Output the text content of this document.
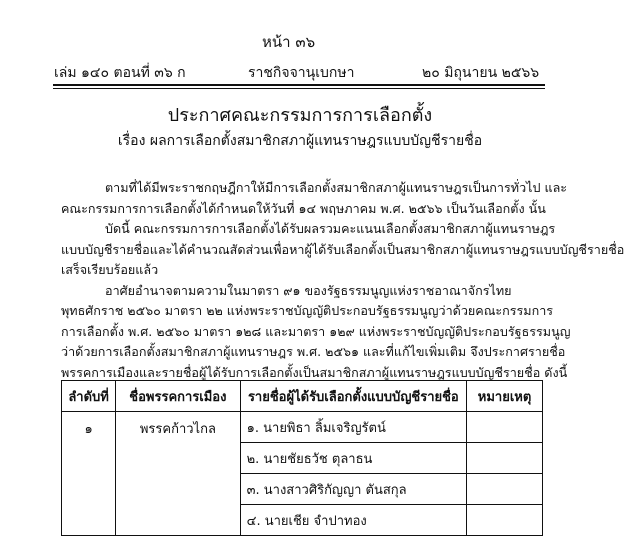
หน้า ๓๖
เล่ม ๑๔๐ ตอนที่ ๓๖ ก	ราชกิจจานุเบกษา	๒๐ มิถุนายน ๒๕๖๖
ประกาศคณะกรรมการการเลือกตั้ง
เรื่อง ผลการเลือกตั้งสมาชิกสภาผู้แทนราษฎรแบบบัญชีรายชื่อ

ตามที่ได้มีพระราชกฤษฎีกาให้มีการเลือกตั้งสมาชิกสภาผู้แทนราษฎรเป็นการทั่วไป และ

คณะกรรมการการเลือกตั้งได้กำหนดให้วันที่ ๑๔ พฤษภาคม พ.ศ. ๒๕๖๖ เป็นวันเลือกตั้ง นั้น

บัดนี้ คณะกรรมการการเลือกตั้งได้รับผลรวมคะแนนเลือกตั้งสมาชิกสภาผู้แทนราษฎร

แบบบัญชีรายชื่อและได้คำนวณสัดส่วนเพื่อหาผู้ได้รับเลือกตั้งเป็นสมาชิกสภาผู้แทนราษฎรแบบบัญชีรายชื่อ

เสร็จเรียบร้อยแล้ว

อาศัยอำนาจตามความในมาตรา ๙๑ ของรัฐธรรมนูญแห่งราชอาณาจักรไทย

พุทธศักราช ๒๕๖๐ มาตรา ๒๒ แห่งพระราชบัญญัติประกอบรัฐธรรมนูญว่าด้วยคณะกรรมการ

การเลือกตั้ง พ.ศ. ๒๕๖๐ มาตรา ๑๒๘ และมาตรา ๑๒๙ แห่งพระราชบัญญัติประกอบรัฐธรรมนูญ

ว่าด้วยการเลือกตั้งสมาชิกสภาผู้แทนราษฎร พ.ศ. ๒๕๖๑ และที่แก้ไขเพิ่มเติม จึงประกาศรายชื่อ

พรรคการเมืองและรายชื่อผู้ได้รับการเลือกตั้งเป็นสมาชิกสภาผู้แทนราษฎรแบบบัญชีรายชื่อ ดังนี้

ลำดับที่	ชื่อพรรคการเมือง	รายชื่อผู้ได้รับเลือกตั้งแบบบัญชีรายชื่อ	หมายเหตุ
๑	พรรคก้าวไกล	๑. นายพิธา ลิ้มเจริญรัตน์	
		๒. นายชัยธวัช ตุลาธน	
		๓. นางสาวศิริกัญญา ตันสกุล	
		๔. นายเชีย จำปาทอง	
